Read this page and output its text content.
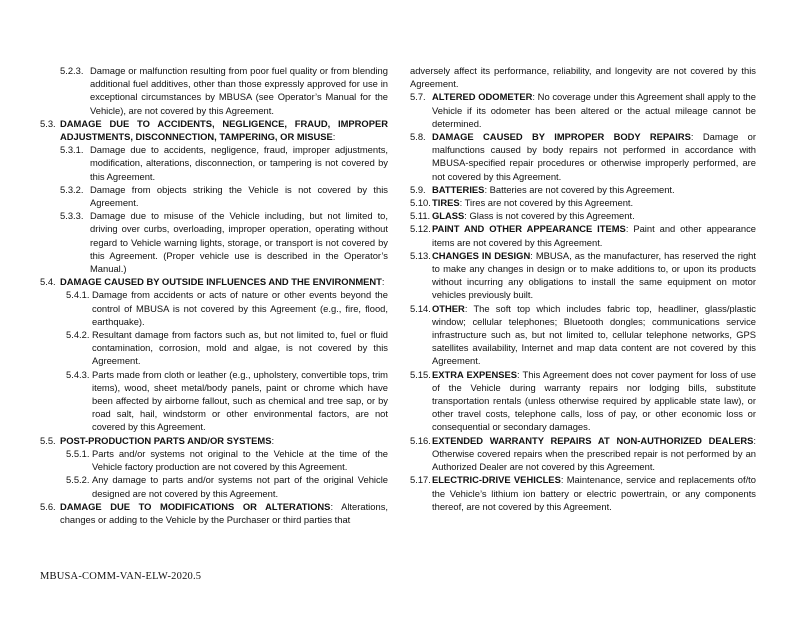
5.2.3. Damage or malfunction resulting from poor fuel quality or from blending additional fuel additives, other than those expressly approved for use in exceptional circumstances by MBUSA (see Operator’s Manual for the Vehicle), are not covered by this Agreement.
5.3. DAMAGE DUE TO ACCIDENTS, NEGLIGENCE, FRAUD, IMPROPER ADJUSTMENTS, DISCONNECTION, TAMPERING, OR MISUSE:
5.3.1. Damage due to accidents, negligence, fraud, improper adjustments, modification, alterations, disconnection, or tampering is not covered by this Agreement.
5.3.2. Damage from objects striking the Vehicle is not covered by this Agreement.
5.3.3. Damage due to misuse of the Vehicle including, but not limited to, driving over curbs, overloading, improper operation, operating without regard to Vehicle warning lights, storage, or transport is not covered by this Agreement. (Proper vehicle use is described in the Operator’s Manual.)
5.4. DAMAGE CAUSED BY OUTSIDE INFLUENCES AND THE ENVIRONMENT:
5.4.1. Damage from accidents or acts of nature or other events beyond the control of MBUSA is not covered by this Agreement (e.g., fire, flood, earthquake).
5.4.2. Resultant damage from factors such as, but not limited to, fuel or fluid contamination, corrosion, mold and algae, is not covered by this Agreement.
5.4.3. Parts made from cloth or leather (e.g., upholstery, convertible tops, trim items), wood, sheet metal/body panels, paint or chrome which have been affected by airborne fallout, such as chemical and tree sap, or by road salt, hail, windstorm or other environmental factors, are not covered by this Agreement.
5.5. POST-PRODUCTION PARTS AND/OR SYSTEMS:
5.5.1. Parts and/or systems not original to the Vehicle at the time of the Vehicle factory production are not covered by this Agreement.
5.5.2. Any damage to parts and/or systems not part of the original Vehicle designed are not covered by this Agreement.
5.6. DAMAGE DUE TO MODIFICATIONS OR ALTERATIONS: Alterations, changes or adding to the Vehicle by the Purchaser or third parties that
adversely affect its performance, reliability, and longevity are not covered by this Agreement.
5.7. ALTERED ODOMETER: No coverage under this Agreement shall apply to the Vehicle if its odometer has been altered or the actual mileage cannot be determined.
5.8. DAMAGE CAUSED BY IMPROPER BODY REPAIRS: Damage or malfunctions caused by body repairs not performed in accordance with MBUSA-specified repair procedures or otherwise improperly performed, are not covered by this Agreement.
5.9. BATTERIES: Batteries are not covered by this Agreement.
5.10. TIRES: Tires are not covered by this Agreement.
5.11. GLASS: Glass is not covered by this Agreement.
5.12. PAINT AND OTHER APPEARANCE ITEMS: Paint and other appearance items are not covered by this Agreement.
5.13. CHANGES IN DESIGN: MBUSA, as the manufacturer, has reserved the right to make any changes in design or to make additions to, or upon its products without incurring any obligations to install the same equipment on motor vehicles previously built.
5.14. OTHER: The soft top which includes fabric top, headliner, glass/plastic window; cellular telephones; Bluetooth dongles; communications service infrastructure such as, but not limited to, cellular telephone networks, GPS satellites availability, Internet and map data content are not covered by this Agreement.
5.15. EXTRA EXPENSES: This Agreement does not cover payment for loss of use of the Vehicle during warranty repairs nor lodging bills, substitute transportation rentals (unless otherwise required by applicable state law), or other travel costs, telephone calls, loss of pay, or other economic loss or consequential or secondary damages.
5.16. EXTENDED WARRANTY REPAIRS AT NON-AUTHORIZED DEALERS: Otherwise covered repairs when the prescribed repair is not performed by an Authorized Dealer are not covered by this Agreement.
5.17. ELECTRIC-DRIVE VEHICLES: Maintenance, service and replacements of/to the Vehicle’s lithium ion battery or electric powertrain, or any components thereof, are not covered by this Agreement.
MBUSA-COMM-VAN-ELW-2020.5
